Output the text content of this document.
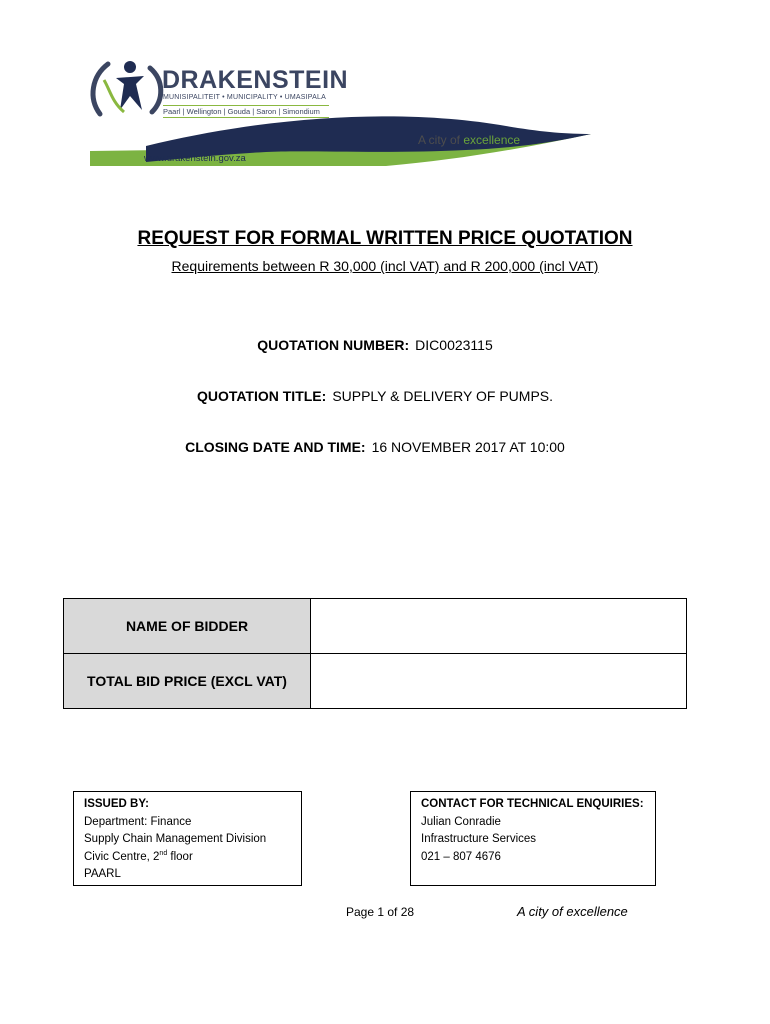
DRAKENSTEIN
MUNISIPALITEIT • MUNICIPALITY • UMASIPALA
Paarl | Wellington | Gouda | Saron | Simondium
A city of excellence
www.drakenstein.gov.za
REQUEST FOR FORMAL WRITTEN PRICE QUOTATION
Requirements between R 30,000 (incl VAT) and R 200,000 (incl VAT)
QUOTATION NUMBER: DIC0023115
QUOTATION TITLE: SUPPLY & DELIVERY OF PUMPS.
CLOSING DATE AND TIME: 16 NOVEMBER 2017 AT 10:00
NAME OF BIDDER	
TOTAL BID PRICE (EXCL VAT)	
ISSUED BY:
Department: Finance
Supply Chain Management Division
Civic Centre, 2nd floor
PAARL
CONTACT FOR TECHNICAL ENQUIRIES:
Julian Conradie
Infrastructure Services
021 – 807 4676
Page 1 of 28	A city of excellence
